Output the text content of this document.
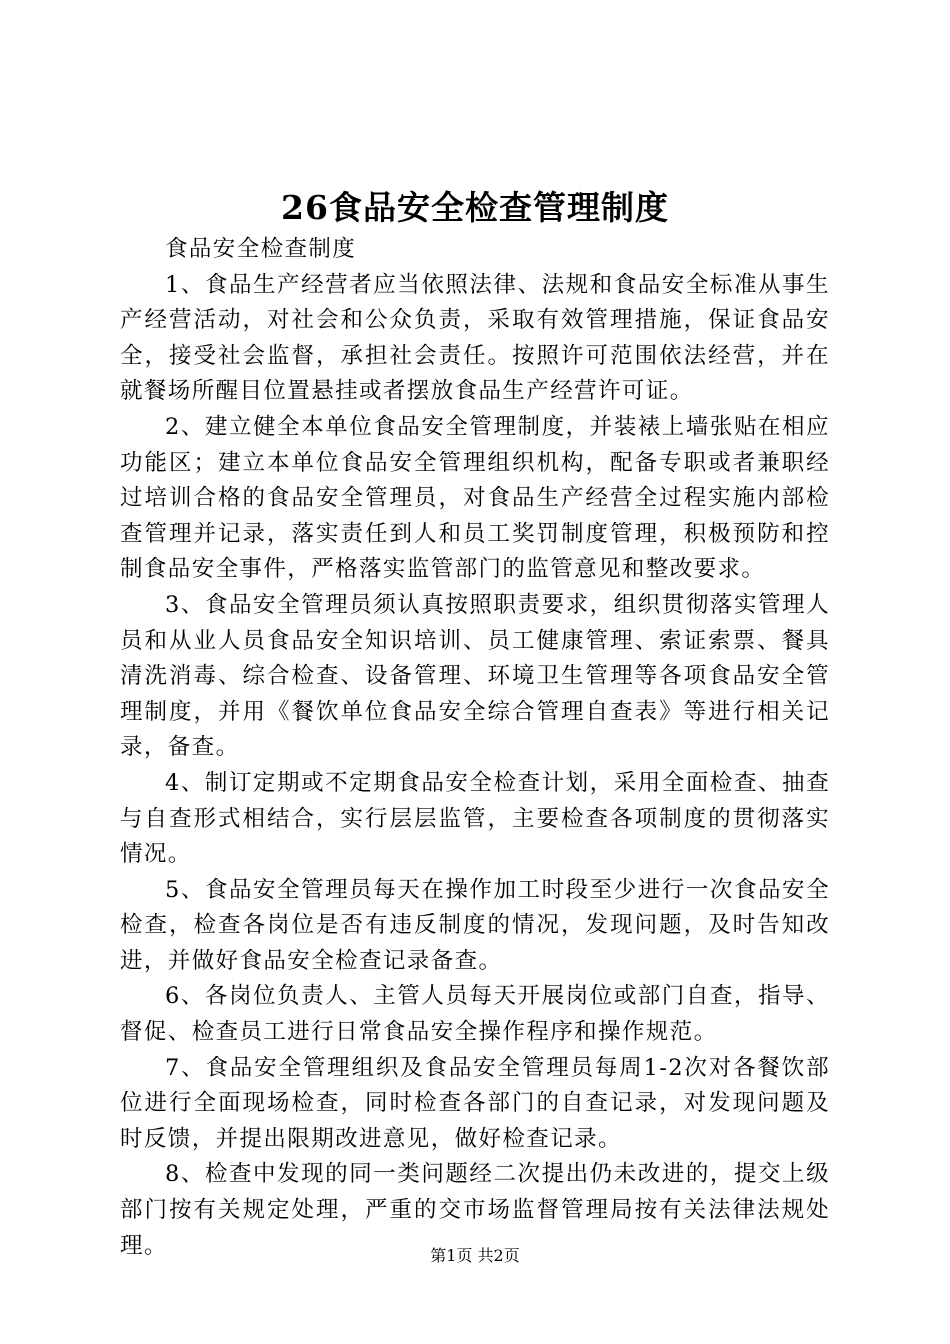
26食品安全检查管理制度

食品安全检查制度

1、食品生产经营者应当依照法律、法规和食品安全标准从事生产经营活动，对社会和公众负责，采取有效管理措施，保证食品安全，接受社会监督，承担社会责任。按照许可范围依法经营，并在就餐场所醒目位置悬挂或者摆放食品生产经营许可证。

2、建立健全本单位食品安全管理制度，并装裱上墙张贴在相应功能区；建立本单位食品安全管理组织机构，配备专职或者兼职经过培训合格的食品安全管理员，对食品生产经营全过程实施内部检查管理并记录，落实责任到人和员工奖罚制度管理，积极预防和控制食品安全事件，严格落实监管部门的监管意见和整改要求。

3、食品安全管理员须认真按照职责要求，组织贯彻落实管理人员和从业人员食品安全知识培训、员工健康管理、索证索票、餐具清洗消毒、综合检查、设备管理、环境卫生管理等各项食品安全管理制度，并用《餐饮单位食品安全综合管理自查表》等进行相关记录，备查。

4、制订定期或不定期食品安全检查计划，采用全面检查、抽查与自查形式相结合，实行层层监管，主要检查各项制度的贯彻落实情况。

5、食品安全管理员每天在操作加工时段至少进行一次食品安全检查，检查各岗位是否有违反制度的情况，发现问题，及时告知改进，并做好食品安全检查记录备查。

6、各岗位负责人、主管人员每天开展岗位或部门自查，指导、督促、检查员工进行日常食品安全操作程序和操作规范。

7、食品安全管理组织及食品安全管理员每周1-2次对各餐饮部位进行全面现场检查，同时检查各部门的自查记录，对发现问题及时反馈，并提出限期改进意见，做好检查记录。

8、检查中发现的同一类问题经二次提出仍未改进的，提交上级部门按有关规定处理，严重的交市场监督管理局按有关法律法规处理。	第1页 共2页
